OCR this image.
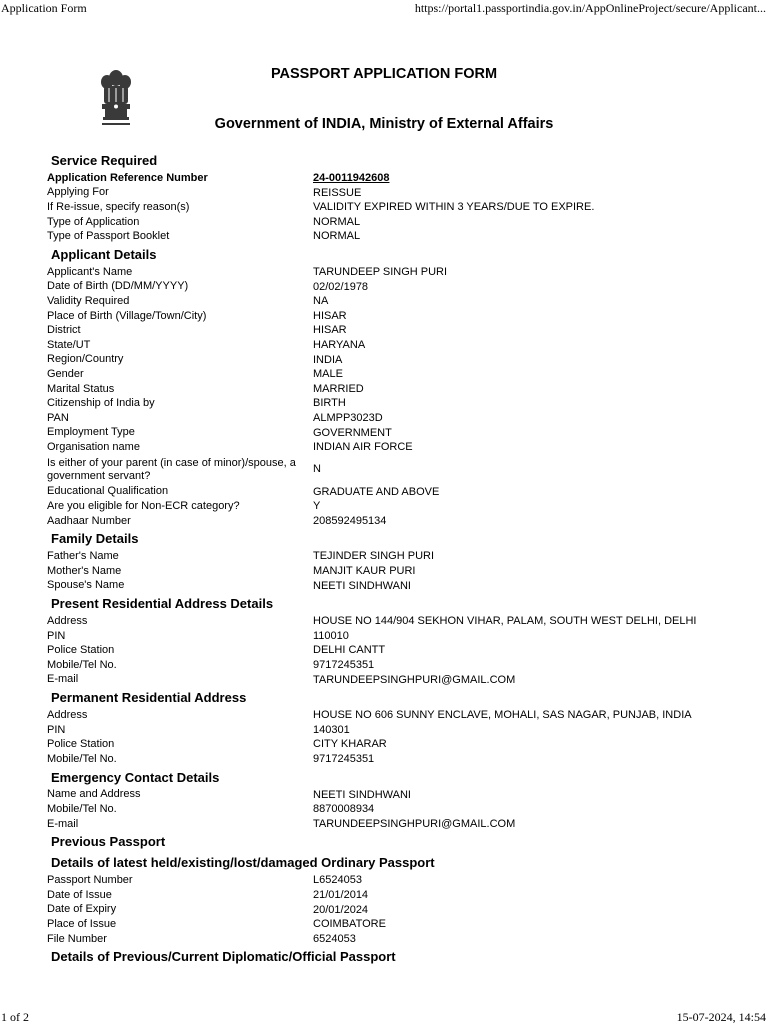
Application Form	https://portal1.passportindia.gov.in/AppOnlineProject/secure/Applicant...
PASSPORT APPLICATION FORM
Government of INDIA, Ministry of External Affairs
Service Required
Application Reference Number	24-0011942608
Applying For	REISSUE
If Re-issue, specify reason(s)	VALIDITY EXPIRED WITHIN 3 YEARS/DUE TO EXPIRE.
Type of Application	NORMAL
Type of Passport Booklet	NORMAL
Applicant Details
Applicant's Name	TARUNDEEP SINGH PURI
Date of Birth (DD/MM/YYYY)	02/02/1978
Validity Required	NA
Place of Birth (Village/Town/City)	HISAR
District	HISAR
State/UT	HARYANA
Region/Country	INDIA
Gender	MALE
Marital Status	MARRIED
Citizenship of India by	BIRTH
PAN	ALMPP3023D
Employment Type	GOVERNMENT
Organisation name	INDIAN AIR FORCE
Is either of your parent (in case of minor)/spouse, a government servant?
N
Educational Qualification	GRADUATE AND ABOVE
Are you eligible for Non-ECR category?	Y
Aadhaar Number	208592495134
Family Details
Father's Name	TEJINDER SINGH PURI
Mother's Name	MANJIT KAUR PURI
Spouse's Name	NEETI SINDHWANI
Present Residential Address Details
Address	HOUSE NO 144/904 SEKHON VIHAR, PALAM, SOUTH WEST DELHI, DELHI
PIN	110010
Police Station	DELHI CANTT
Mobile/Tel No.	9717245351
E-mail	TARUNDEEPSINGHPURI@GMAIL.COM
Permanent Residential Address
Address	HOUSE NO 606 SUNNY ENCLAVE, MOHALI, SAS NAGAR, PUNJAB, INDIA
PIN	140301
Police Station	CITY KHARAR
Mobile/Tel No.	9717245351
Emergency Contact Details
Name and Address	NEETI SINDHWANI
Mobile/Tel No.	8870008934
E-mail	TARUNDEEPSINGHPURI@GMAIL.COM
Previous Passport
Details of latest held/existing/lost/damaged Ordinary Passport
Passport Number	L6524053
Date of Issue	21/01/2014
Date of Expiry	20/01/2024
Place of Issue	COIMBATORE
File Number	6524053
Details of Previous/Current Diplomatic/Official Passport
1 of 2	15-07-2024, 14:54
